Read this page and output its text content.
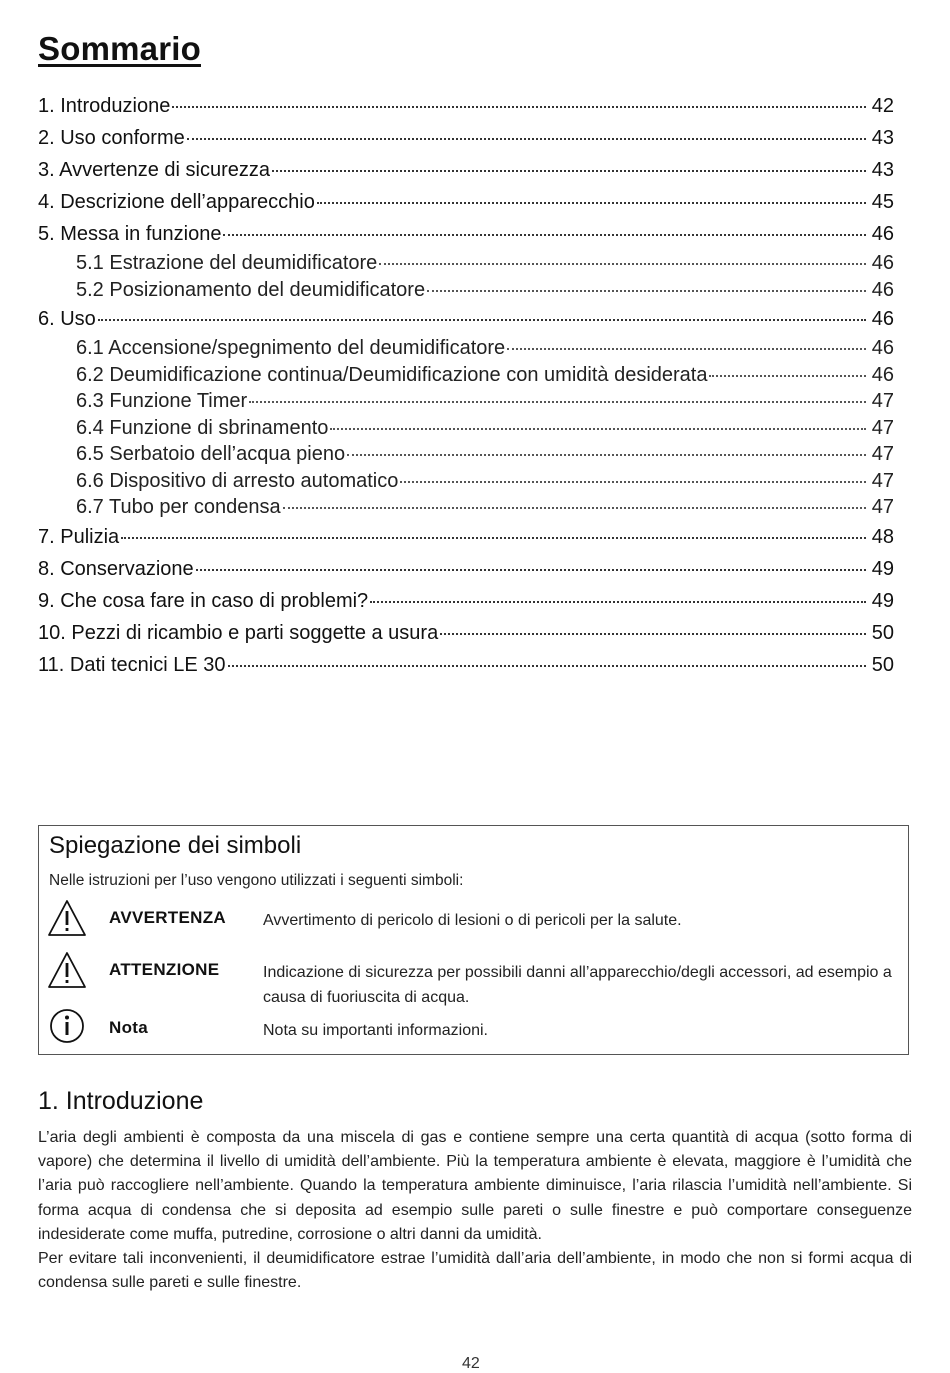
Sommario
1. Introduzione	42
2. Uso conforme	43
3. Avvertenze di sicurezza	43
4. Descrizione dell’apparecchio	45
5. Messa in funzione	46
5.1 Estrazione del deumidificatore	46
5.2 Posizionamento del deumidificatore	46
6. Uso	46
6.1 Accensione/spegnimento del deumidificatore	46
6.2 Deumidificazione continua/Deumidificazione con umidità desiderata	46
6.3 Funzione Timer	47
6.4 Funzione di sbrinamento	47
6.5 Serbatoio dell’acqua pieno	47
6.6 Dispositivo di arresto automatico	47
6.7 Tubo per condensa	47
7. Pulizia	48
8. Conservazione	49
9. Che cosa fare in caso di problemi?	49
10. Pezzi di ricambio e parti soggette a usura	50
11. Dati tecnici LE 30	50
Spiegazione dei simboli
Nelle istruzioni per l’uso vengono utilizzati i seguenti simboli:
AVVERTENZA Avvertimento di pericolo di lesioni o di pericoli per la salute.
ATTENZIONE	Indicazione di sicurezza per possibili danni all’apparecchio/degli accessori, ad esempio a causa di fuoriuscita di acqua.
Nota	Nota su importanti informazioni.
1. Introduzione

L’aria degli ambienti è composta da una miscela di gas e contiene sempre una certa quantità di acqua (sotto forma di vapore) che determina il livello di umidità dell’ambiente. Più la temperatura ambiente è elevata, maggiore è l’umidità che l’aria può raccogliere nell’ambiente. Quando la temperatura ambiente diminuisce, l’aria rilascia l’umidità nell’ambiente. Si forma acqua di condensa che si deposita ad esempio sulle pareti o sulle finestre e può comportare conseguenze indesiderate come muffa, putredine, corrosione o altri danni da umidità.

Per evitare tali inconvenienti, il deumidificatore estrae l’umidità dall’aria dell’ambiente, in modo che non si formi acqua di condensa sulle pareti e sulle finestre.

42
